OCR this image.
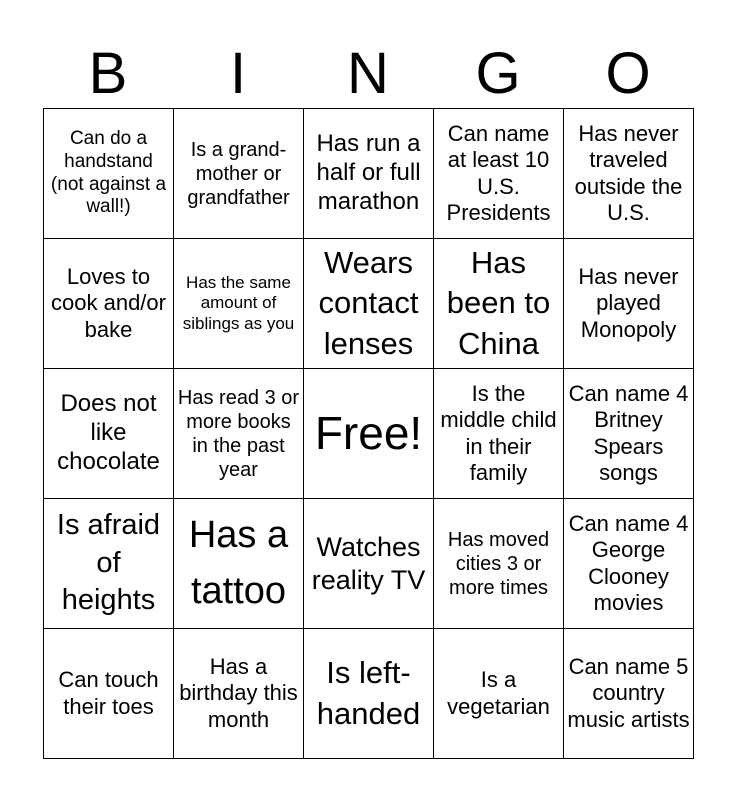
B	I	N	G	O
Can do a handstand (not against a wall!)	Is a grand-mother or grandfather	Has run a half or full marathon	Can name at least 10 U.S. Presidents	Has never traveled outside the U.S.
Loves to cook and/or bake	Has the same amount of siblings as you	Wears contact lenses	Has been to China	Has never played Monopoly
Does not like chocolate	Has read 3 or more books in the past year	Free!	Is the middle child in their family	Can name 4 Britney Spears songs
Is afraid of heights	Has a tattoo	Watches reality TV	Has moved cities 3 or more times	Can name 4 George Clooney movies
Can touch their toes	Has a birthday this month	Is left-handed	Is a vegetarian	Can name 5 country music artists
